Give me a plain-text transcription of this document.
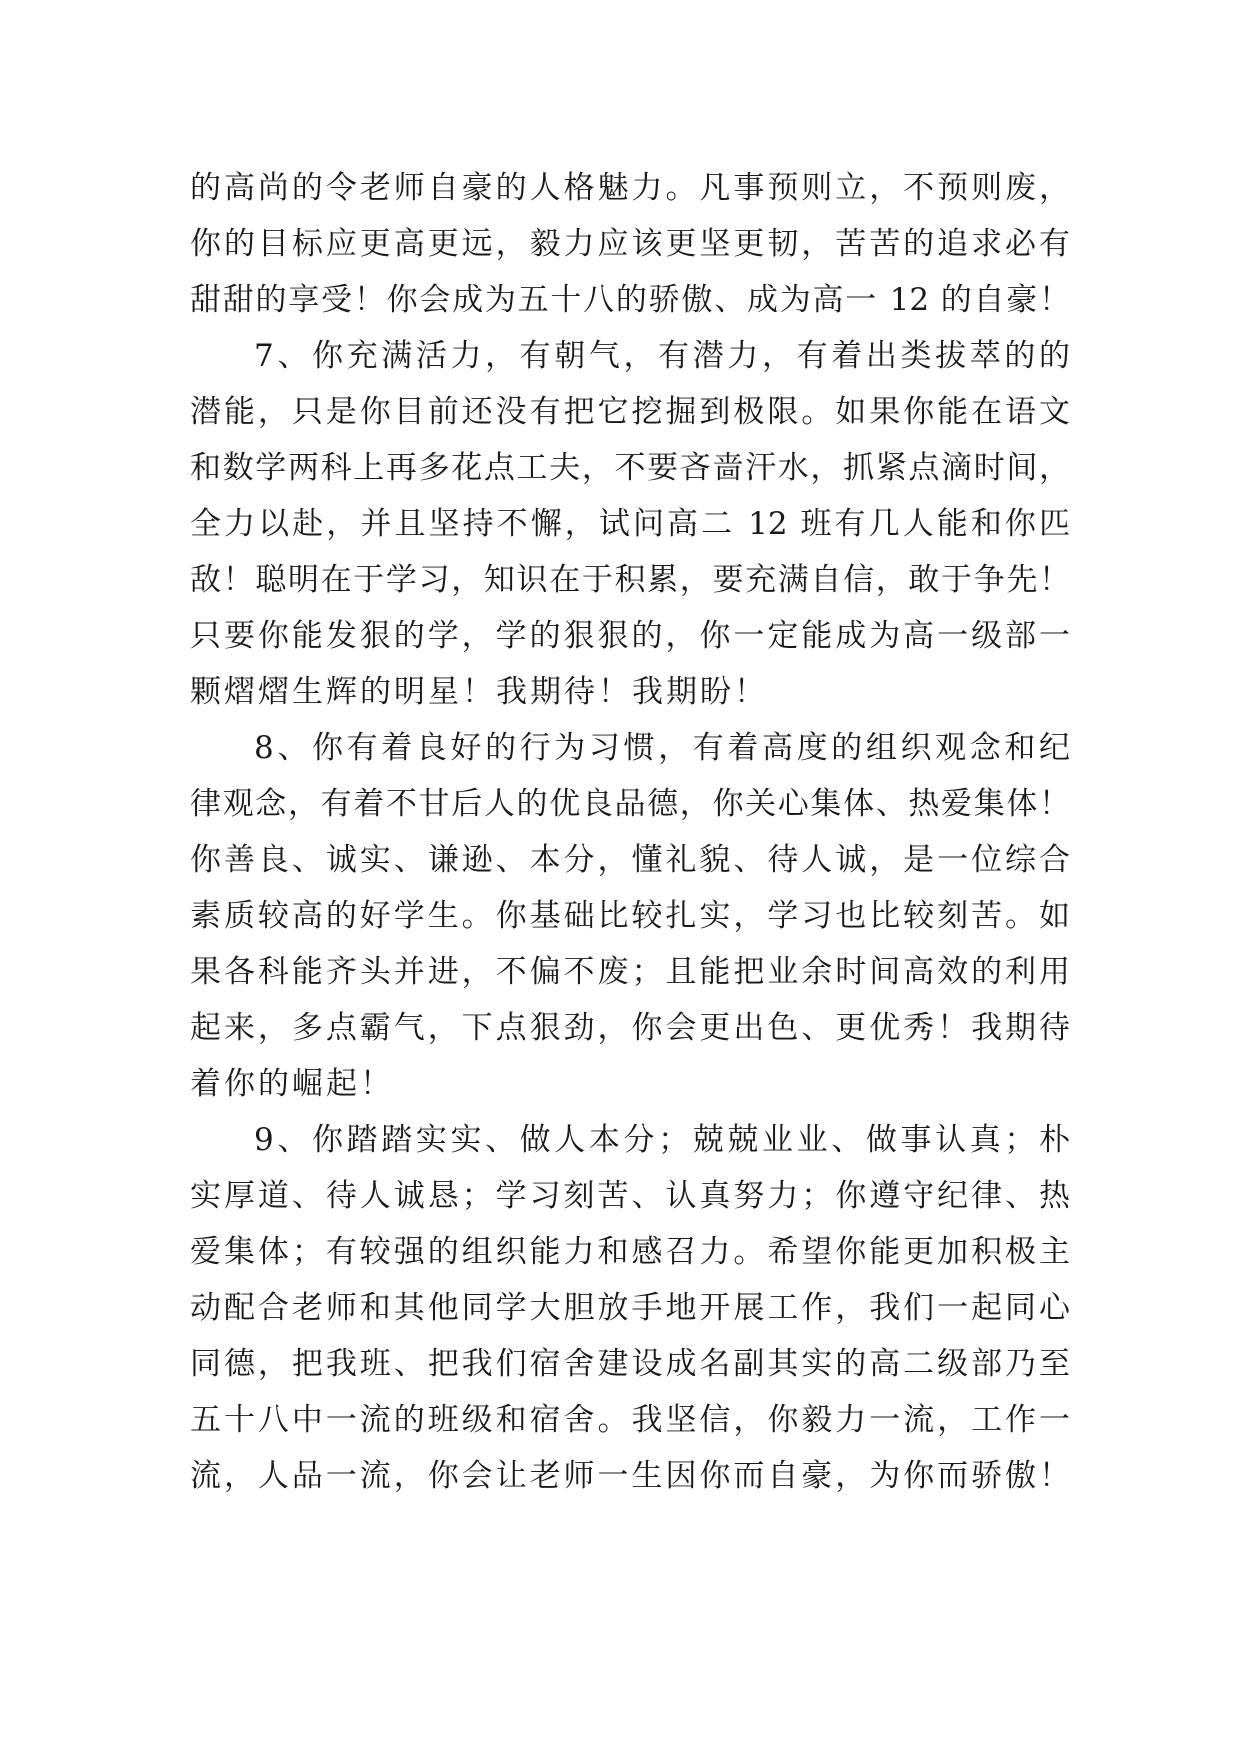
的高尚的令老师自豪的人格魅力。凡事预则立，不预则废，
你的目标应更高更远，毅力应该更坚更韧，苦苦的追求必有
甜甜的享受！你会成为五十八的骄傲、成为高一 12 的自豪！
7、你充满活力，有朝气，有潜力，有着出类拔萃的的
潜能，只是你目前还没有把它挖掘到极限。如果你能在语文
和数学两科上再多花点工夫，不要吝啬汗水，抓紧点滴时间，
全力以赴，并且坚持不懈，试问高二 12 班有几人能和你匹
敌！聪明在于学习，知识在于积累，要充满自信，敢于争先！
只要你能发狠的学，学的狠狠的，你一定能成为高一级部一
颗熠熠生辉的明星！我期待！我期盼！
8、你有着良好的行为习惯，有着高度的组织观念和纪
律观念，有着不甘后人的优良品德，你关心集体、热爱集体！
你善良、诚实、谦逊、本分，懂礼貌、待人诚，是一位综合
素质较高的好学生。你基础比较扎实，学习也比较刻苦。如
果各科能齐头并进，不偏不废；且能把业余时间高效的利用
起来，多点霸气，下点狠劲，你会更出色、更优秀！我期待
着你的崛起！
9、你踏踏实实、做人本分；兢兢业业、做事认真；朴
实厚道、待人诚恳；学习刻苦、认真努力；你遵守纪律、热
爱集体；有较强的组织能力和感召力。希望你能更加积极主
动配合老师和其他同学大胆放手地开展工作，我们一起同心
同德，把我班、把我们宿舍建设成名副其实的高二级部乃至
五十八中一流的班级和宿舍。我坚信，你毅力一流，工作一
流，人品一流，你会让老师一生因你而自豪，为你而骄傲！
